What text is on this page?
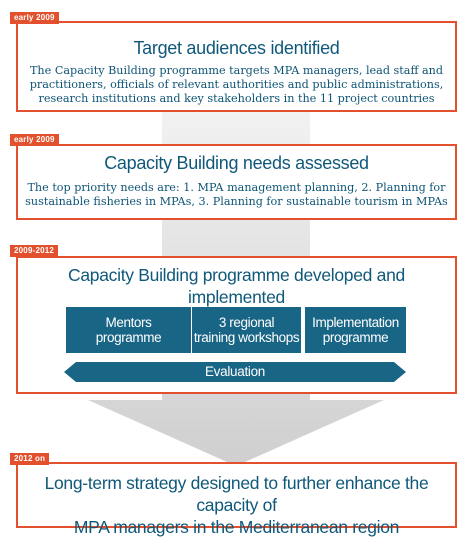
Target audiences identified

The Capacity Building programme targets MPA managers, lead staff and

practitioners, officials of relevant authorities and public administrations,

research institutions and key stakeholders in the 11 project countries

early 2009
Capacity Building needs assessed

The top priority needs are: 1. MPA management planning, 2. Planning for

sustainable fisheries in MPAs, 3. Planning for sustainable tourism in MPAs

early 2009
Capacity Building programme developed and implemented
2009-2012
Mentors
programme
3 regional
training workshops
Implementation
programme
Evaluation
Long-term strategy designed to further enhance the capacity of
MPA managers in the Mediterranean region
2012 on
